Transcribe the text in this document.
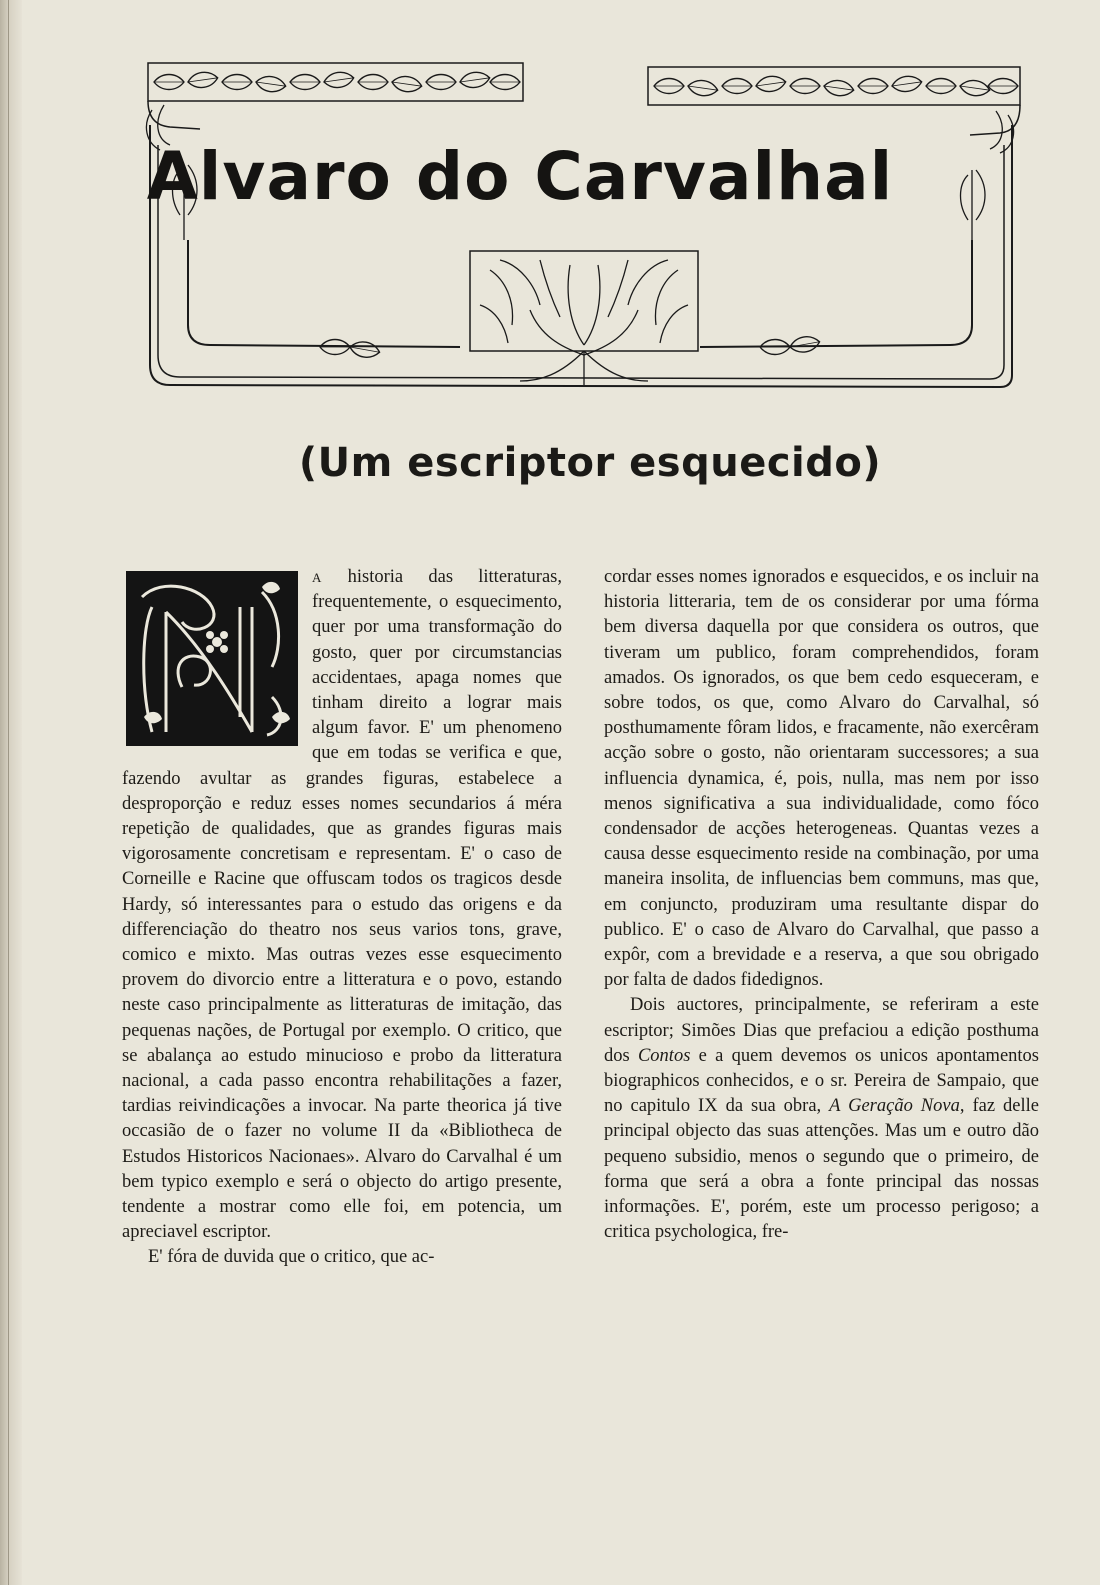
Alvaro do Carvalhal
(Um escriptor esquecido)

A historia das litteraturas, frequentemente, o esquecimento, quer por uma transformação do gosto, quer por circumstancias accidentaes, apaga nomes que tinham direito a lograr mais algum favor. E' um phenomeno que em todas se verifica e que, fazendo avultar as grandes figuras, estabelece a desproporção e reduz esses nomes secundarios á méra repetição de qualidades, que as grandes figuras mais vigorosamente concretisam e representam. E' o caso de Corneille e Racine que offuscam todos os tragicos desde Hardy, só interessantes para o estudo das origens e da differenciação do theatro nos seus varios tons, grave, comico e mixto. Mas outras vezes esse esquecimento provem do divorcio entre a litteratura e o povo, estando neste caso principalmente as litteraturas de imitação, das pequenas nações, de Portugal por exemplo. O critico, que se abalança ao estudo minucioso e probo da litteratura nacional, a cada passo encontra rehabilitações a fazer, tardias reivindicações a invocar. Na parte theorica já tive occasião de o fazer no volume II da «Bibliotheca de Estudos Historicos Nacionaes». Alvaro do Carvalhal é um bem typico exemplo e será o objecto do artigo presente, tendente a mostrar como elle foi, em potencia, um apreciavel escriptor.

E' fóra de duvida que o critico, que ac-

cordar esses nomes ignorados e esquecidos, e os incluir na historia litteraria, tem de os considerar por uma fórma bem diversa daquella por que considera os outros, que tiveram um publico, foram comprehendidos, foram amados. Os ignorados, os que bem cedo esqueceram, e sobre todos, os que, como Alvaro do Carvalhal, só posthumamente fôram lidos, e fracamente, não exercêram acção sobre o gosto, não orientaram successores; a sua influencia dynamica, é, pois, nulla, mas nem por isso menos significativa a sua individualidade, como fóco condensador de acções heterogeneas. Quantas vezes a causa desse esquecimento reside na combinação, por uma maneira insolita, de influencias bem communs, mas que, em conjuncto, produziram uma resultante dispar do publico. E' o caso de Alvaro do Carvalhal, que passo a expôr, com a brevidade e a reserva, a que sou obrigado por falta de dados fidedignos.

Dois auctores, principalmente, se referiram a este escriptor; Simões Dias que prefaciou a edição posthuma dos Contos e a quem devemos os unicos apontamentos biographicos conhecidos, e o sr. Pereira de Sampaio, que no capitulo IX da sua obra, A Geração Nova, faz delle principal objecto das suas attenções. Mas um e outro dão pequeno subsidio, menos o segundo que o primeiro, de forma que será a obra a fonte principal das nossas informações. E', porém, este um processo perigoso; a critica psychologica, fre-
